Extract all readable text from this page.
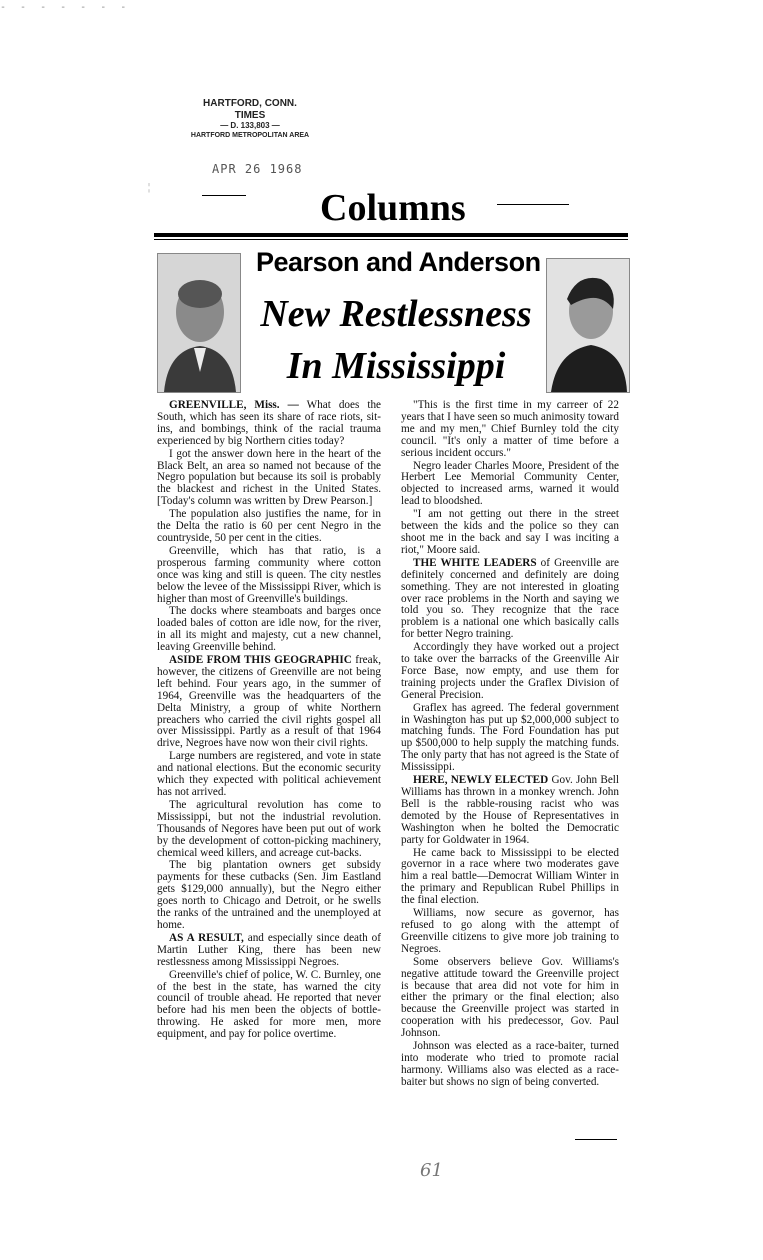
- - - - - - -
HARTFORD, CONN.
TIMES
— D. 133,803 —
HARTFORD METROPOLITAN AREA
APR 26 1968
¦	Columns
Pearson and Anderson
New Restlessness
In Mississippi

GREENVILLE, Miss. — What does the South, which has seen its share of race riots, sit-ins, and bombings, think of the racial trauma experienced by big Northern cities today?

I got the answer down here in the heart of the Black Belt, an area so named not because of the Negro population but because its soil is probably the blackest and richest in the United States. [Today's column was written by Drew Pearson.]

The population also justifies the name, for in the Delta the ratio is 60 per cent Negro in the countryside, 50 per cent in the cities.

Greenville, which has that ratio, is a prosperous farming community where cotton once was king and still is queen. The city nestles below the levee of the Mississippi River, which is higher than most of Greenville's buildings.

The docks where steamboats and barges once loaded bales of cotton are idle now, for the river, in all its might and majesty, cut a new channel, leaving Greenville behind.

ASIDE FROM THIS GEOGRAPHIC freak, however, the citizens of Greenville are not being left behind. Four years ago, in the summer of 1964, Greenville was the headquarters of the Delta Ministry, a group of white Northern preachers who carried the civil rights gospel all over Mississippi. Partly as a result of that 1964 drive, Negroes have now won their civil rights.

Large numbers are registered, and vote in state and national elections. But the economic security which they expected with political achievement has not arrived.

The agricultural revolution has come to Mississippi, but not the industrial revolution. Thousands of Negores have been put out of work by the development of cotton-picking machinery, chemical weed killers, and acreage cut-backs.

The big plantation owners get subsidy payments for these cutbacks (Sen. Jim Eastland gets $129,000 annually), but the Negro either goes north to Chicago and Detroit, or he swells the ranks of the untrained and the unemployed at home.

AS A RESULT, and especially since death of Martin Luther King, there has been new restlessness among Mississippi Negroes.

Greenville's chief of police, W. C. Burnley, one of the best in the state, has warned the city council of trouble ahead. He reported that never before had his men been the objects of bottle-throwing. He asked for more men, more equipment, and pay for police overtime.

"This is the first time in my carreer of 22 years that I have seen so much animosity toward me and my men," Chief Burnley told the city council. "It's only a matter of time before a serious incident occurs."

Negro leader Charles Moore, President of the Herbert Lee Memorial Community Center, objected to increased arms, warned it would lead to bloodshed.

"I am not getting out there in the street between the kids and the police so they can shoot me in the back and say I was inciting a riot," Moore said.

THE WHITE LEADERS of Greenville are definitely concerned and definitely are doing something. They are not interested in gloating over race problems in the North and saying we told you so. They recognize that the race problem is a national one which basically calls for better Negro training.

Accordingly they have worked out a project to take over the barracks of the Greenville Air Force Base, now empty, and use them for training projects under the Graflex Division of General Precision.

Graflex has agreed. The federal government in Washington has put up $2,000,000 subject to matching funds. The Ford Foundation has put up $500,000 to help supply the matching funds. The only party that has not agreed is the State of Mississippi.

HERE, NEWLY ELECTED Gov. John Bell Williams has thrown in a monkey wrench. John Bell is the rabble-rousing racist who was demoted by the House of Representatives in Washington when he bolted the Democratic party for Goldwater in 1964.

He came back to Mississippi to be elected governor in a race where two moderates gave him a real battle—Democrat William Winter in the primary and Republican Rubel Phillips in the final election.

Williams, now secure as governor, has refused to go along with the attempt of Greenville citizens to give more job training to Negroes.

Some observers believe Gov. Williams's negative attitude toward the Greenville project is because that area did not vote for him in either the primary or the final election; also because the Greenville project was started in cooperation with his predecessor, Gov. Paul Johnson.

Johnson was elected as a race-baiter, turned into moderate who tried to promote racial harmony. Williams also was elected as a race-baiter but shows no sign of being converted.

61
